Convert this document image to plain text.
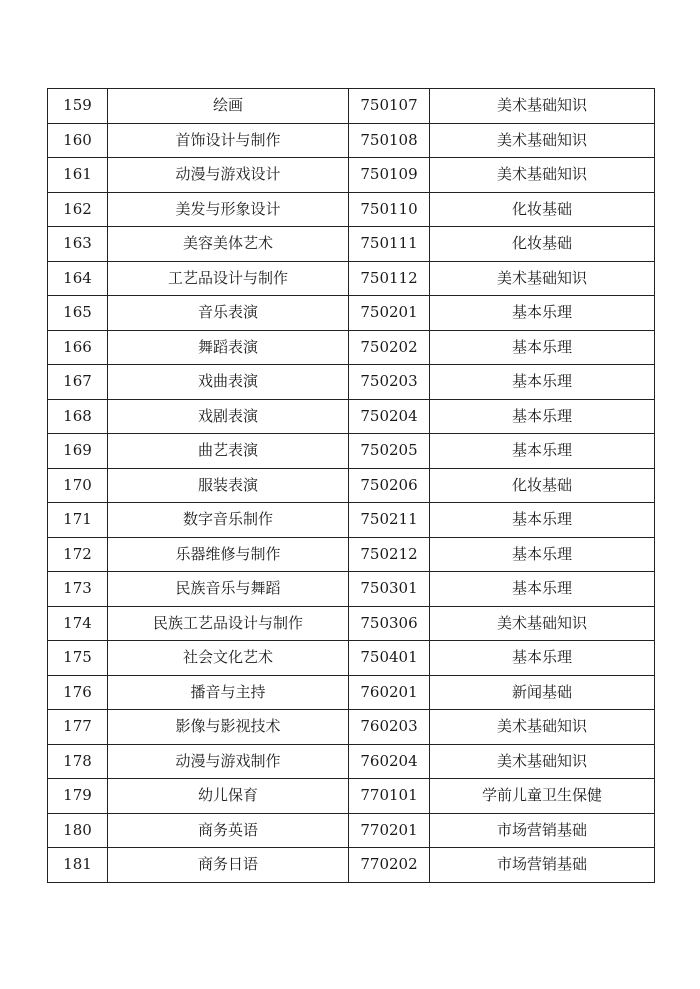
159	绘画	750107	美术基础知识
160	首饰设计与制作	750108	美术基础知识
161	动漫与游戏设计	750109	美术基础知识
162	美发与形象设计	750110	化妆基础
163	美容美体艺术	750111	化妆基础
164	工艺品设计与制作	750112	美术基础知识
165	音乐表演	750201	基本乐理
166	舞蹈表演	750202	基本乐理
167	戏曲表演	750203	基本乐理
168	戏剧表演	750204	基本乐理
169	曲艺表演	750205	基本乐理
170	服装表演	750206	化妆基础
171	数字音乐制作	750211	基本乐理
172	乐器维修与制作	750212	基本乐理
173	民族音乐与舞蹈	750301	基本乐理
174	民族工艺品设计与制作	750306	美术基础知识
175	社会文化艺术	750401	基本乐理
176	播音与主持	760201	新闻基础
177	影像与影视技术	760203	美术基础知识
178	动漫与游戏制作	760204	美术基础知识
179	幼儿保育	770101	学前儿童卫生保健
180	商务英语	770201	市场营销基础
181	商务日语	770202	市场营销基础
